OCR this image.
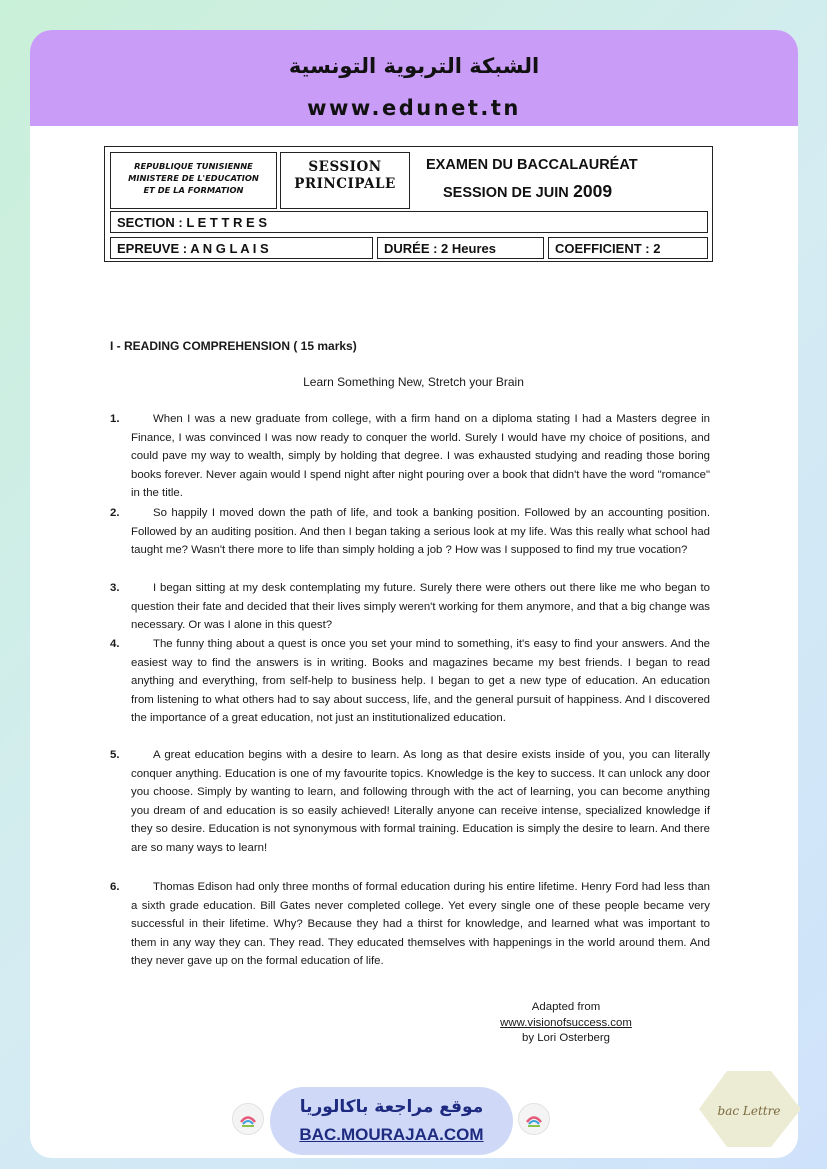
الشبكة التربوية التونسية
www.edunet.tn
REPUBLIQUE TUNISIENNE
MINISTERE DE L'EDUCATION
ET DE LA FORMATION
SESSION
PRINCIPALE
EXAMEN DU BACCALAURÉAT
SESSION DE JUIN 2009
SECTION : L E T T R E S
EPREUVE : A N G L A I S	DURÉE : 2 Heures	COEFFICIENT : 2
I - READING COMPREHENSION ( 15 marks)
Learn Something New, Stretch your Brain
1.	When I was a new graduate from college, with a firm hand on a diploma stating I had a Masters degree in Finance, I was convinced I was now ready to conquer the world. Surely I would have my choice of positions, and could pave my way to wealth, simply by holding that degree. I was exhausted studying and reading those boring books forever. Never again would I spend night after night pouring over a book that didn't have the word "romance" in the title.
2.	So happily I moved down the path of life, and took a banking position. Followed by an accounting position. Followed by an auditing position. And then I began taking a serious look at my life. Was this really what school had taught me? Wasn't there more to life than simply holding a job ? How was I supposed to find my true vocation?
3.	I began sitting at my desk contemplating my future. Surely there were others out there like me who began to question their fate and decided that their lives simply weren't working for them anymore, and that a big change was necessary. Or was I alone in this quest?
4.	The funny thing about a quest is once you set your mind to something, it's easy to find your answers. And the easiest way to find the answers is in writing. Books and magazines became my best friends. I began to read anything and everything, from self-help to business help. I began to get a new type of education. An education from listening to what others had to say about success, life, and the general pursuit of happiness. And I discovered the importance of a great education, not just an institutionalized education.
5.	A great education begins with a desire to learn. As long as that desire exists inside of you, you can literally conquer anything. Education is one of my favourite topics. Knowledge is the key to success. It can unlock any door you choose. Simply by wanting to learn, and following through with the act of learning, you can become anything you dream of and education is so easily achieved! Literally anyone can receive intense, specialized knowledge if they so desire. Education is not synonymous with formal training. Education is simply the desire to learn. And there are so many ways to learn!
6.	Thomas Edison had only three months of formal education during his entire lifetime. Henry Ford had less than a sixth grade education. Bill Gates never completed college. Yet every single one of these people became very successful in their lifetime. Why? Because they had a thirst for knowledge, and learned what was important to them in any way they can. They read. They educated themselves with happenings in the world around them. And they never gave up on the formal education of life.
Adapted from
www.visionofsuccess.com
by Lori Osterberg
موقع مراجعة باكالوريا
BAC.MOURAJAA.COM
bac Lettre
